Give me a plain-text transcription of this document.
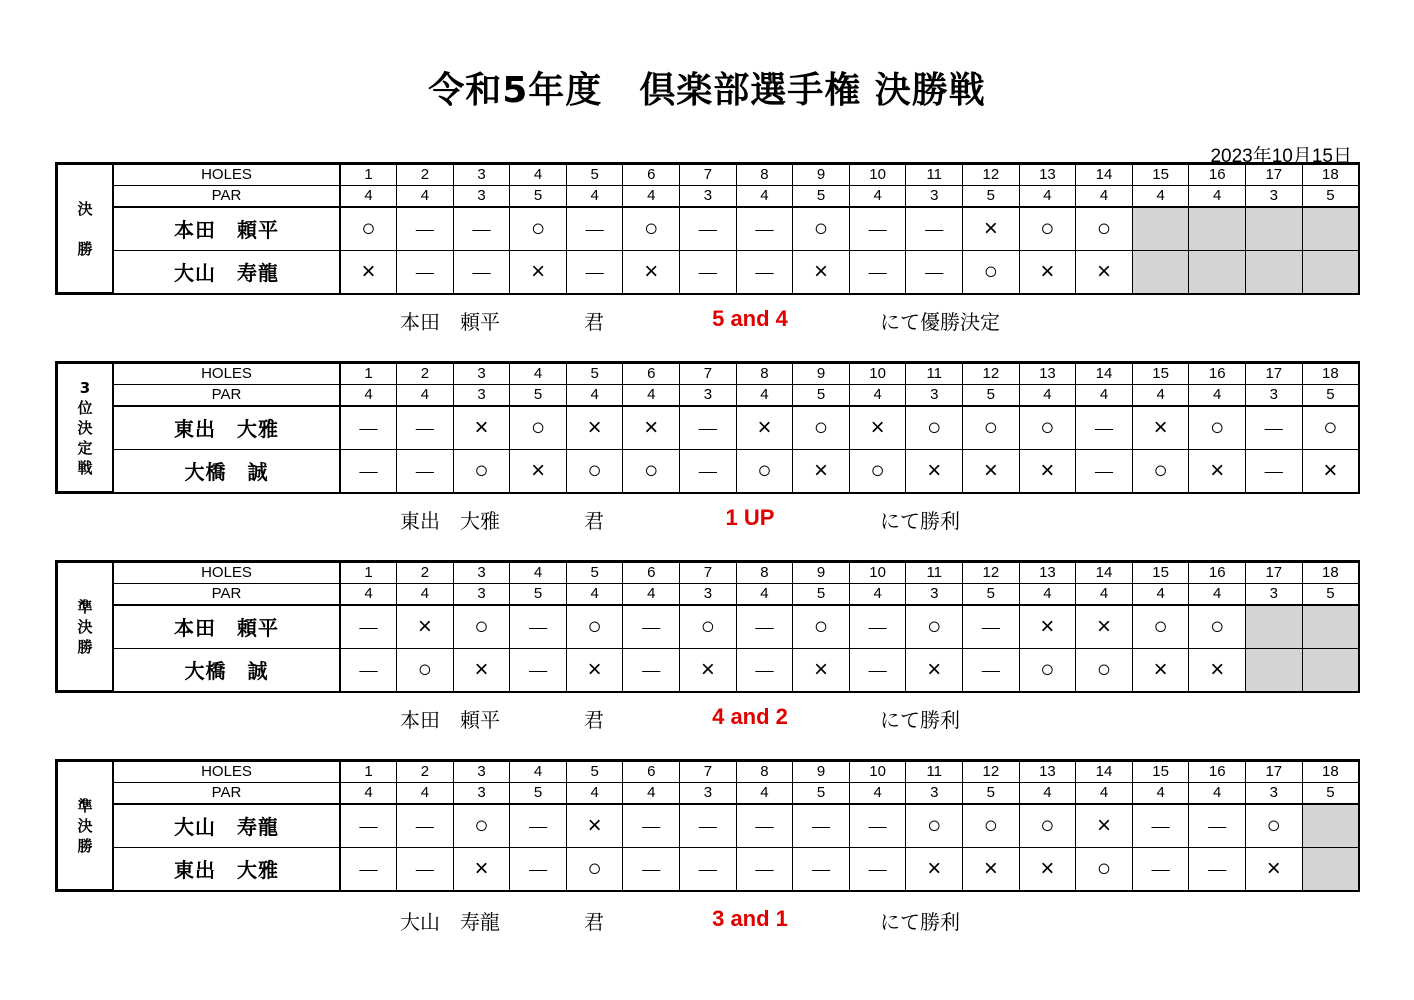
令和5年度　倶楽部選手権 決勝戦
2023年10月15日
決

勝	HOLES	1	2	3	4	5	6	7	8	9	10	11	12	13	14	15	16	17	18
	PAR	4	4	3	5	4	4	3	4	5	4	3	5	4	4	4	4	3	5
	本田　頼平	○	－	－	○	－	○	－	－	○	－	－	×	○	○				
	大山　寿龍	×	－	－	×	－	×	－	－	×	－	－	○	×	×				
本田　頼平	君	5 and 4	にて優勝決定
3
位
決
定
戦	HOLES	1	2	3	4	5	6	7	8	9	10	11	12	13	14	15	16	17	18
	PAR	4	4	3	5	4	4	3	4	5	4	3	5	4	4	4	4	3	5
	東出　大雅	－	－	×	○	×	×	－	×	○	×	○	○	○	－	×	○	－	○
	大橋　誠	－	－	○	×	○	○	－	○	×	○	×	×	×	－	○	×	－	×
東出　大雅	君	1 UP	にて勝利
準
決
勝	HOLES	1	2	3	4	5	6	7	8	9	10	11	12	13	14	15	16	17	18
	PAR	4	4	3	5	4	4	3	4	5	4	3	5	4	4	4	4	3	5
	本田　頼平	－	×	○	－	○	－	○	－	○	－	○	－	×	×	○	○		
	大橋　誠	－	○	×	－	×	－	×	－	×	－	×	－	○	○	×	×		
本田　頼平	君	4 and 2	にて勝利
準
決
勝	HOLES	1	2	3	4	5	6	7	8	9	10	11	12	13	14	15	16	17	18
	PAR	4	4	3	5	4	4	3	4	5	4	3	5	4	4	4	4	3	5
	大山　寿龍	－	－	○	－	×	－	－	－	－	－	○	○	○	×	－	－	○	
	東出　大雅	－	－	×	－	○	－	－	－	－	－	×	×	×	○	－	－	×	
大山　寿龍	君	3 and 1	にて勝利
